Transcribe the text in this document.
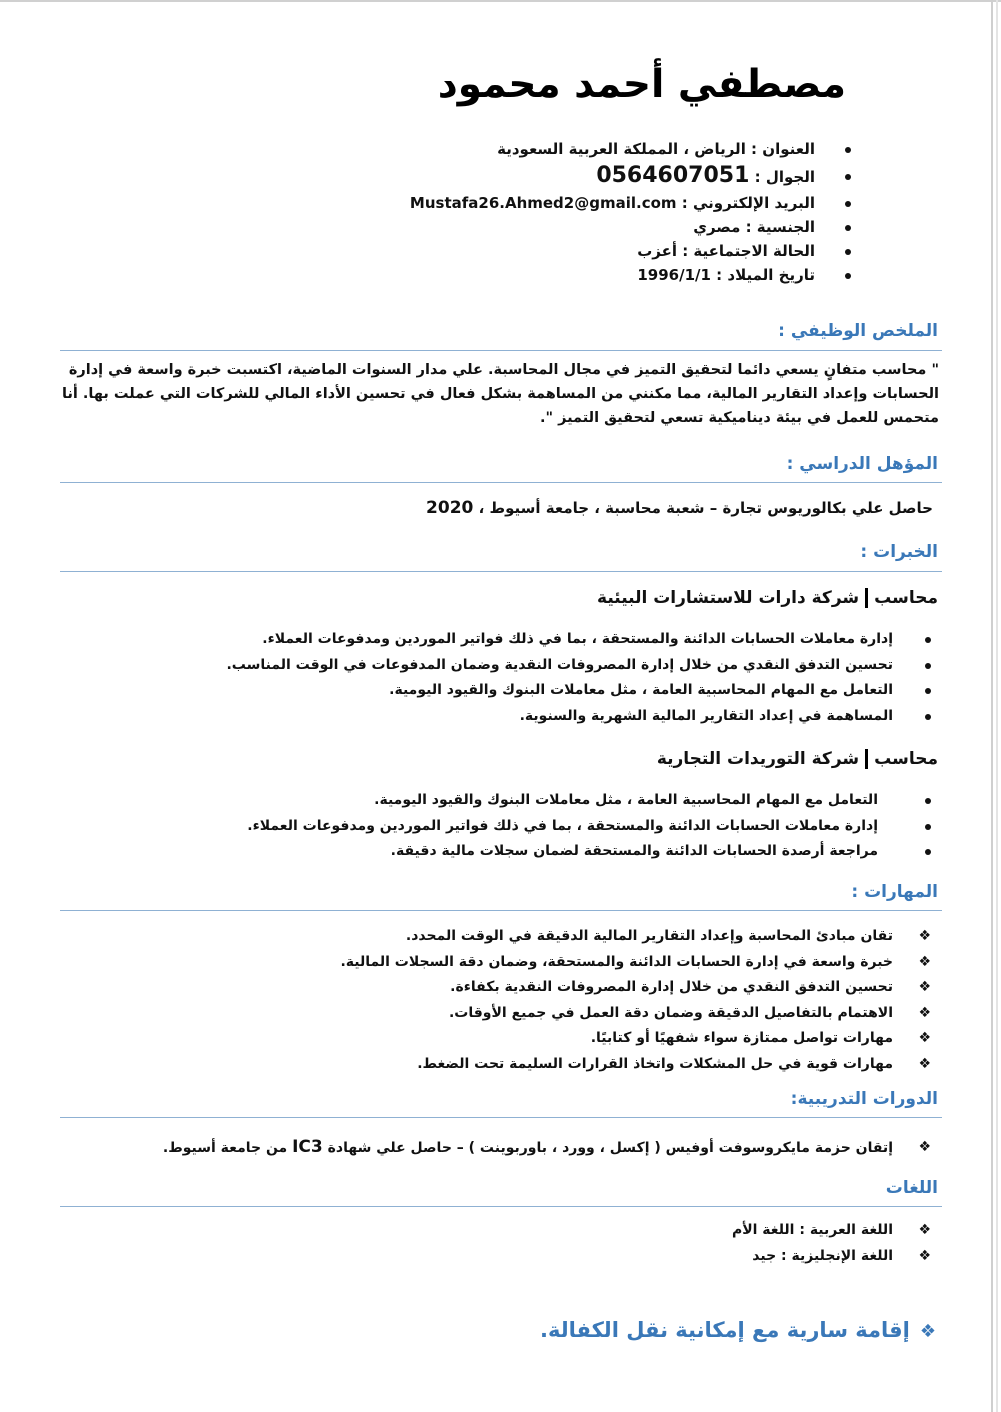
مصطفي أحمد محمود
العنوان : الرياض ، المملكة العربية السعودية
الجوال : 0564607051
البريد الإلكتروني : Mustafa26.Ahmed2@gmail.com
الجنسية : مصري
الحالة الاجتماعية : أعزب
تاريخ الميلاد : 1996/1/1
الملخص الوظيفي :
" محاسب متفانٍ يسعي دائما لتحقيق التميز في مجال المحاسبة. علي مدار السنوات الماضية، اكتسبت خبرة واسعة في إدارة الحسابات وإعداد التقارير المالية، مما مكنني من المساهمة بشكل فعال في تحسين الأداء المالي للشركات التي عملت بها. أنا متحمس للعمل في بيئة ديناميكية تسعي لتحقيق التميز ".
المؤهل الدراسي :
حاصل علي بكالوريوس تجارة – شعبة محاسبة ، جامعة أسيوط ، 2020
الخبرات :
محاسبشركة دارات للاستشارات البيئية
إدارة معاملات الحسابات الدائنة والمستحقة ، بما في ذلك فواتير الموردين ومدفوعات العملاء.
تحسين التدفق النقدي من خلال إدارة المصروفات النقدية وضمان المدفوعات في الوقت المناسب.
التعامل مع المهام المحاسبية العامة ، مثل معاملات البنوك والقيود اليومية.
المساهمة في إعداد التقارير المالية الشهرية والسنوية.
محاسبشركة التوريدات التجارية
التعامل مع المهام المحاسبية العامة ، مثل معاملات البنوك والقيود اليومية.
إدارة معاملات الحسابات الدائنة والمستحقة ، بما في ذلك فواتير الموردين ومدفوعات العملاء.
مراجعة أرصدة الحسابات الدائنة والمستحقة لضمان سجلات مالية دقيقة.
المهارات :
❖
تقان مبادئ المحاسبة وإعداد التقارير المالية الدقيقة في الوقت المحدد.
❖
خبرة واسعة في إدارة الحسابات الدائنة والمستحقة، وضمان دقة السجلات المالية.
❖
تحسين التدفق النقدي من خلال إدارة المصروفات النقدية بكفاءة.
❖
الاهتمام بالتفاصيل الدقيقة وضمان دقة العمل في جميع الأوقات.
❖
مهارات تواصل ممتازة سواء شفهيًا أو كتابيًا.
❖
مهارات قوية في حل المشكلات واتخاذ القرارات السليمة تحت الضغط.
الدورات التدريبية:
❖
إتقان حزمة مايكروسوفت أوفيس ( إكسل ، وورد ، باوربوينت ) – حاصل علي شهادة IC3 من جامعة أسيوط.
اللغات
❖
اللغة العربية : اللغة الأم
❖
اللغة الإنجليزية : جيد
❖إقامة سارية مع إمكانية نقل الكفالة.
